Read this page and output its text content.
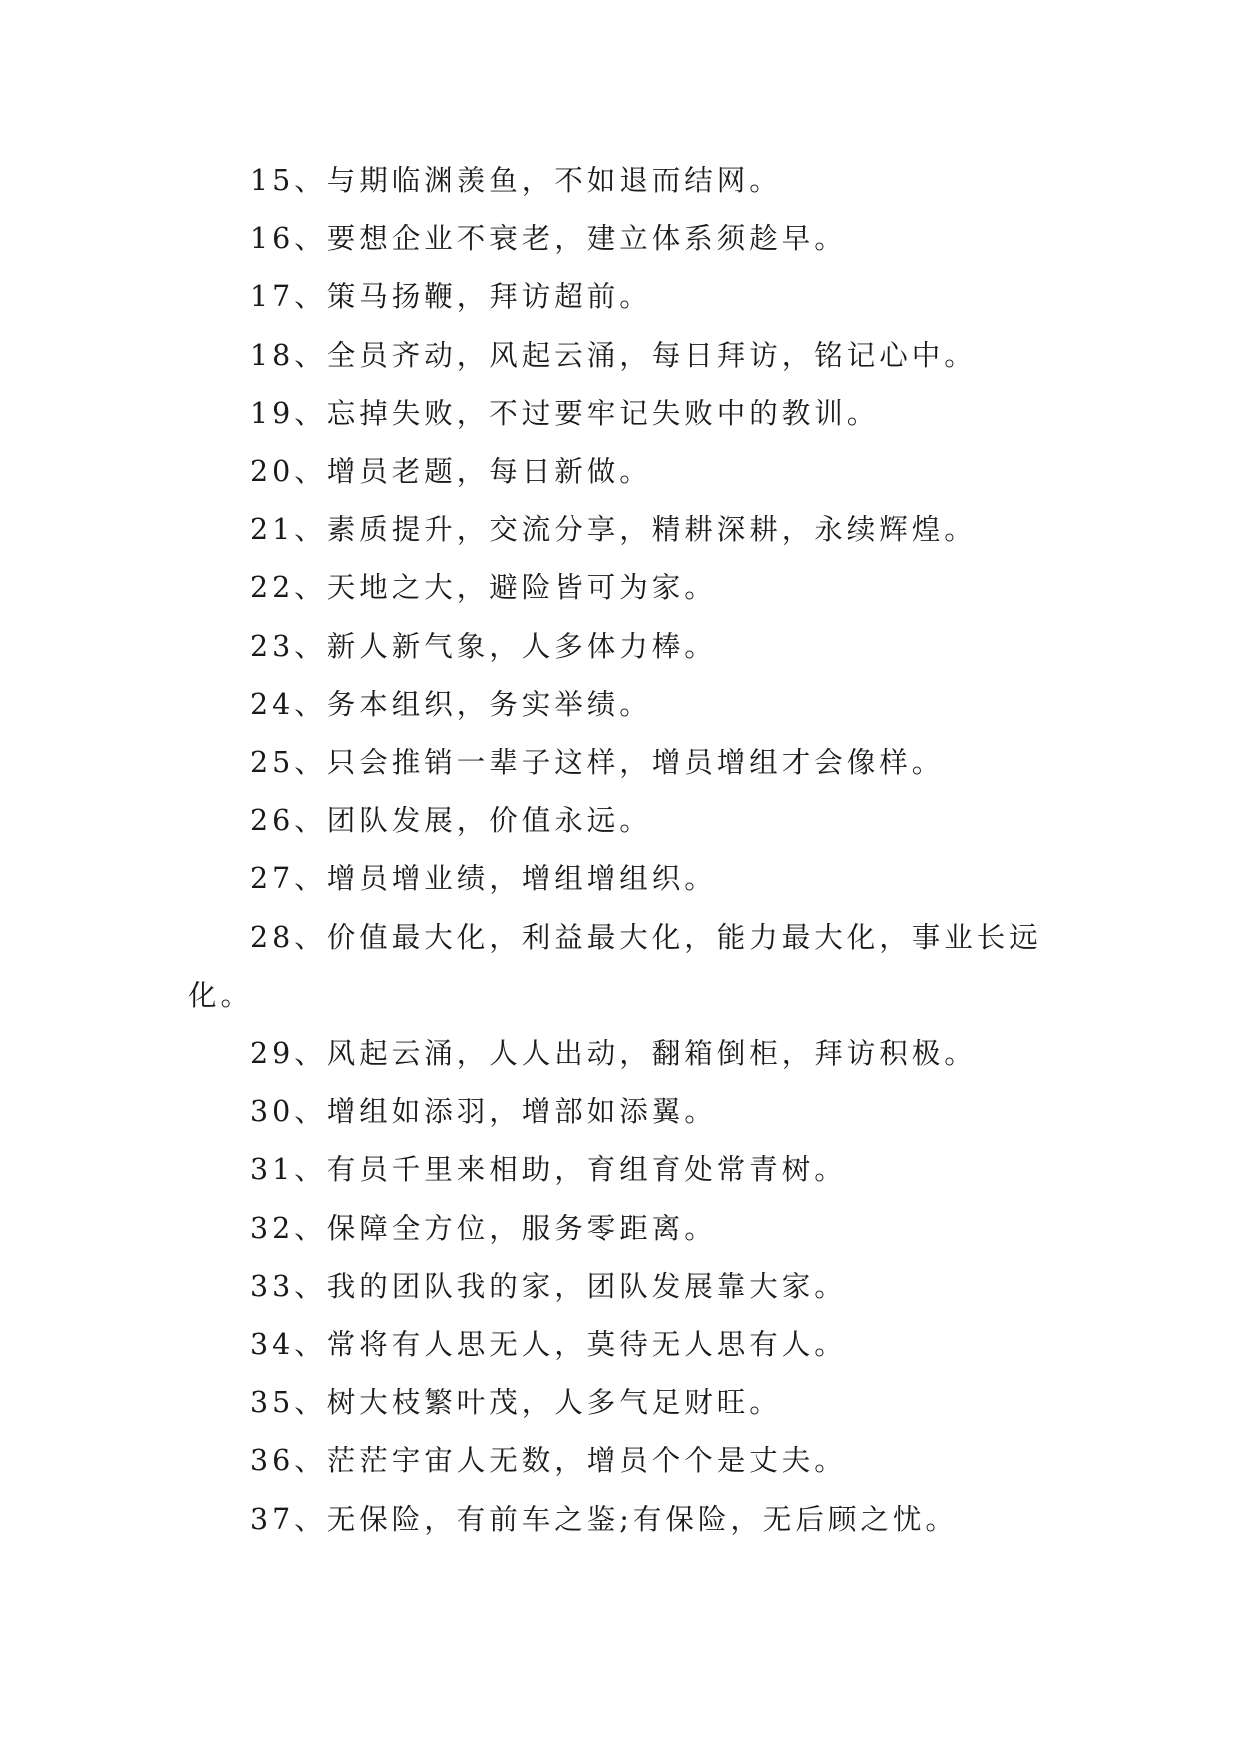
15、与期临渊羡鱼，不如退而结网。

16、要想企业不衰老，建立体系须趁早。

17、策马扬鞭，拜访超前。

18、全员齐动，风起云涌，每日拜访，铭记心中。

19、忘掉失败，不过要牢记失败中的教训。

20、增员老题，每日新做。

21、素质提升，交流分享，精耕深耕，永续辉煌。

22、天地之大，避险皆可为家。

23、新人新气象，人多体力棒。

24、务本组织，务实举绩。

25、只会推销一辈子这样，增员增组才会像样。

26、团队发展，价值永远。

27、增员增业绩，增组增组织。

28、价值最大化，利益最大化，能力最大化，事业长远化。

29、风起云涌，人人出动，翻箱倒柜，拜访积极。

30、增组如添羽，增部如添翼。

31、有员千里来相助，育组育处常青树。

32、保障全方位，服务零距离。

33、我的团队我的家，团队发展靠大家。

34、常将有人思无人，莫待无人思有人。

35、树大枝繁叶茂，人多气足财旺。

36、茫茫宇宙人无数，增员个个是丈夫。

37、无保险，有前车之鉴;有保险，无后顾之忧。
